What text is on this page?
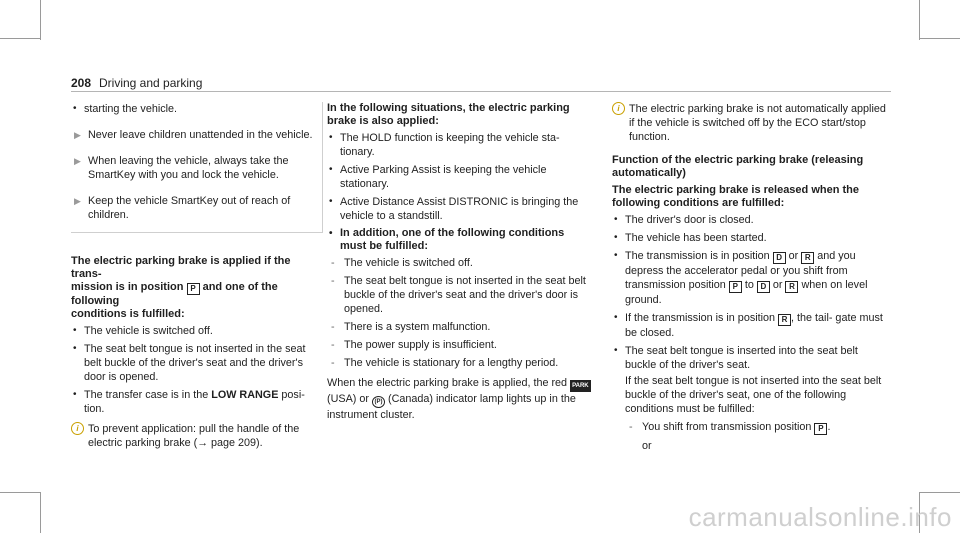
208 Driving and parking
• starting the vehicle.
▶ Never leave children unattended in the vehicle.
▶ When leaving the vehicle, always take the SmartKey with you and lock the vehicle.
▶ Keep the vehicle SmartKey out of reach of children.
The electric parking brake is applied if the trans-
mission is in position P and one of the following
conditions is fulfilled:
• The vehicle is switched off.
• The seat belt tongue is not inserted in the seat belt buckle of the driver's seat and the driver's door is opened.
• The transfer case is in the LOW RANGE posi- tion.
i To prevent application: pull the handle of the electric parking brake (→ page 209).
In the following situations, the electric parking brake is also applied:
• The HOLD function is keeping the vehicle sta- tionary.
• Active Parking Assist is keeping the vehicle stationary.
• Active Distance Assist DISTRONIC is bringing the vehicle to a standstill.
• In addition, one of the following conditions must be fulfilled:
- The vehicle is switched off.
- The seat belt tongue is not inserted in the seat belt buckle of the driver's seat and the driver's door is opened.
- There is a system malfunction.
- The power supply is insufficient.
- The vehicle is stationary for a lengthy period.
When the electric parking brake is applied, the red PARK (USA) or (P) (Canada) indicator lamp lights up in the instrument cluster.
i The electric parking brake is not automatically applied if the vehicle is switched off by the ECO start/stop function.
Function of the electric parking brake (releasing automatically)
The electric parking brake is released when the following conditions are fulfilled:
• The driver's door is closed.
• The vehicle has been started.
• The transmission is in position D or R and you depress the accelerator pedal or you shift from transmission position P to D or R when on level ground.
• If the transmission is in position R , the tail- gate must be closed.
• The seat belt tongue is inserted into the seat belt buckle of the driver's seat.
If the seat belt tongue is not inserted into the seat belt buckle of the driver's seat, one of the following conditions must be fulfilled:
- You shift from transmission position P .
or
carmanualsonline.info
